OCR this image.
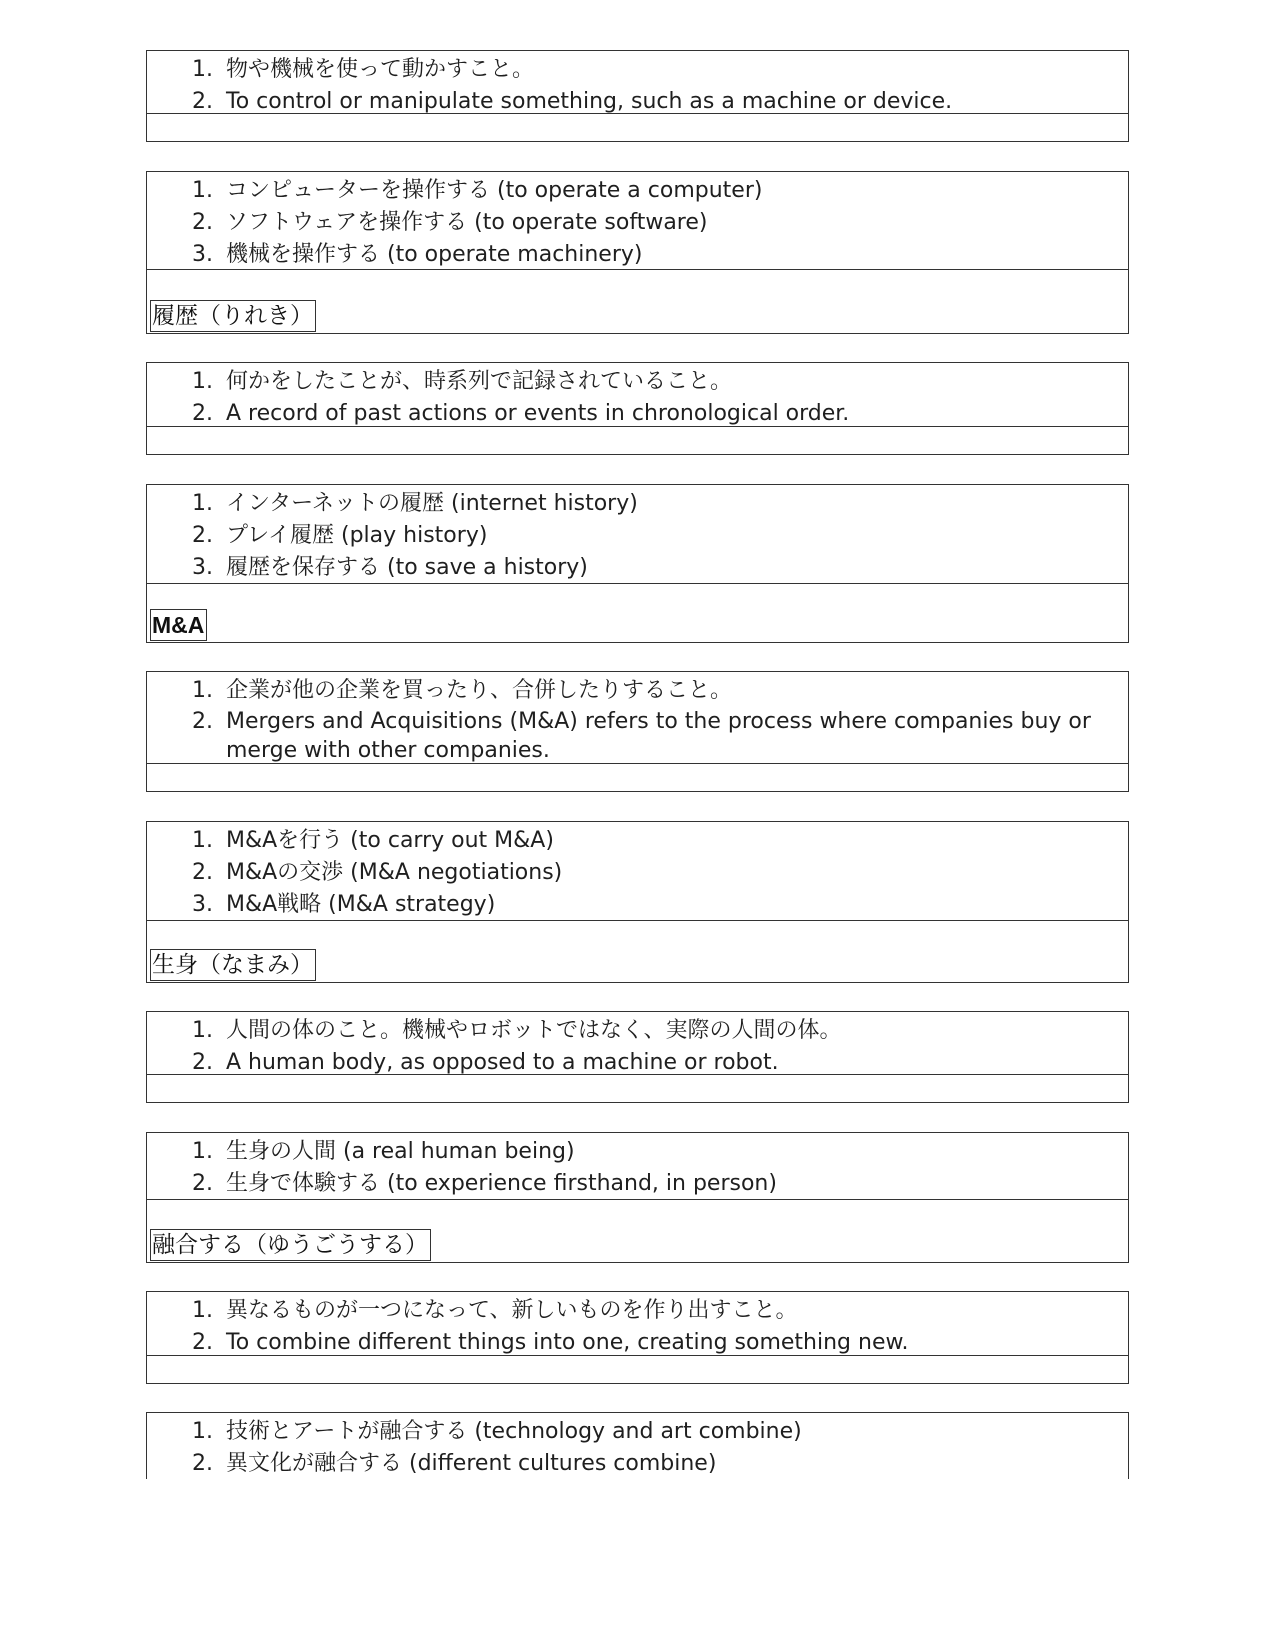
1. 物や機械を使って動かすこと。
2. To control or manipulate something, such as a machine or device.
1. コンピューターを操作する (to operate a computer)
2. ソフトウェアを操作する (to operate software)
3. 機械を操作する (to operate machinery)
履歴（りれき）
1. 何かをしたことが、時系列で記録されていること。
2. A record of past actions or events in chronological order.
1. インターネットの履歴 (internet history)
2. プレイ履歴 (play history)
3. 履歴を保存する (to save a history)
M&A
1. 企業が他の企業を買ったり、合併したりすること。
2. Mergers and Acquisitions (M&A) refers to the process where companies buy or merge with other companies.
1. M&Aを行う (to carry out M&A)
2. M&Aの交渉 (M&A negotiations)
3. M&A戦略 (M&A strategy)
生身（なまみ）
1. 人間の体のこと。機械やロボットではなく、実際の人間の体。
2. A human body, as opposed to a machine or robot.
1. 生身の人間 (a real human being)
2. 生身で体験する (to experience firsthand, in person)
融合する（ゆうごうする）
1. 異なるものが一つになって、新しいものを作り出すこと。
2. To combine different things into one, creating something new.
1. 技術とアートが融合する (technology and art combine)
2. 異文化が融合する (different cultures combine)
